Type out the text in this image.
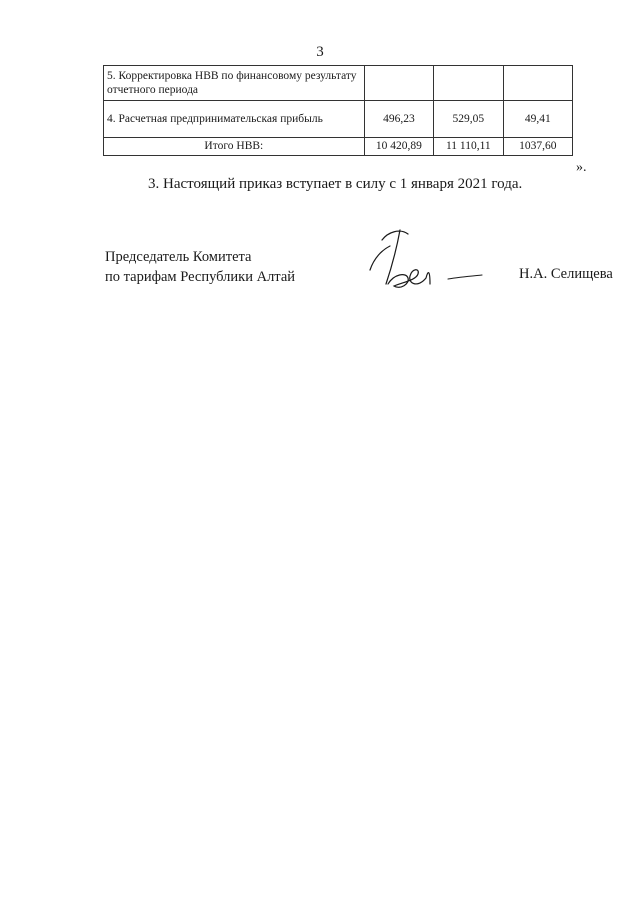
3
5. Корректировка НВВ по финансовому результату отчетного периода			
4. Расчетная предпринимательская прибыль	496,23	529,05	49,41
Итого НВВ:	10 420,89	11 110,11	1037,60
».
3. Настоящий приказ вступает в силу с 1 января 2021 года.
Председатель Комитета
по тарифам Республики Алтай	Н.А. Селищева
